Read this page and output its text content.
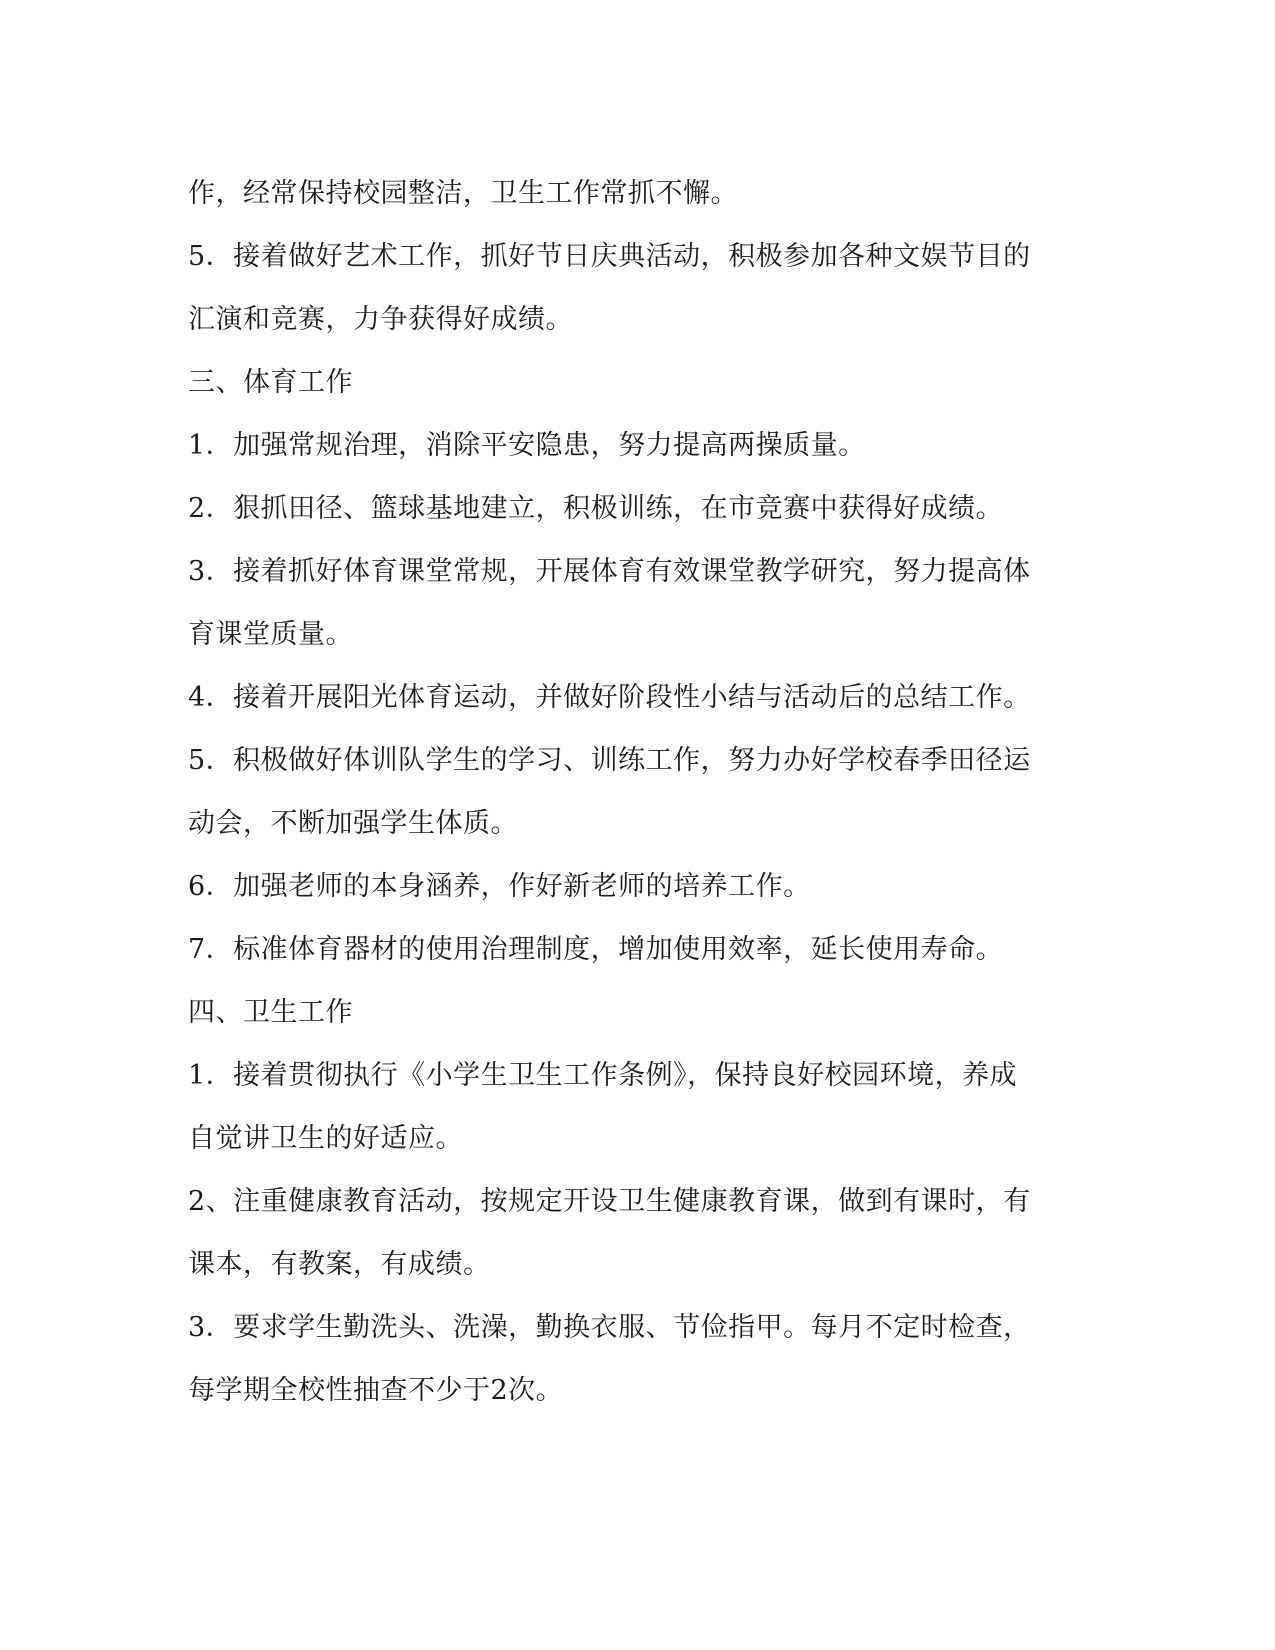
作，经常保持校园整洁，卫生工作常抓不懈。
5．接着做好艺术工作，抓好节日庆典活动，积极参加各种文娱节目的
汇演和竞赛，力争获得好成绩。
三、体育工作
1．加强常规治理，消除平安隐患，努力提高两操质量。
2．狠抓田径、篮球基地建立，积极训练，在市竞赛中获得好成绩。
3．接着抓好体育课堂常规，开展体育有效课堂教学研究，努力提高体
育课堂质量。
4．接着开展阳光体育运动，并做好阶段性小结与活动后的总结工作。
5．积极做好体训队学生的学习、训练工作，努力办好学校春季田径运
动会，不断加强学生体质。
6．加强老师的本身涵养，作好新老师的培养工作。
7．标准体育器材的使用治理制度，增加使用效率，延长使用寿命。
四、卫生工作
1．接着贯彻执行《小学生卫生工作条例》，保持良好校园环境，养成
自觉讲卫生的好适应。
2、注重健康教育活动，按规定开设卫生健康教育课，做到有课时，有
课本，有教案，有成绩。
3．要求学生勤洗头、洗澡，勤换衣服、节俭指甲。每月不定时检查，
每学期全校性抽查不少于2次。
